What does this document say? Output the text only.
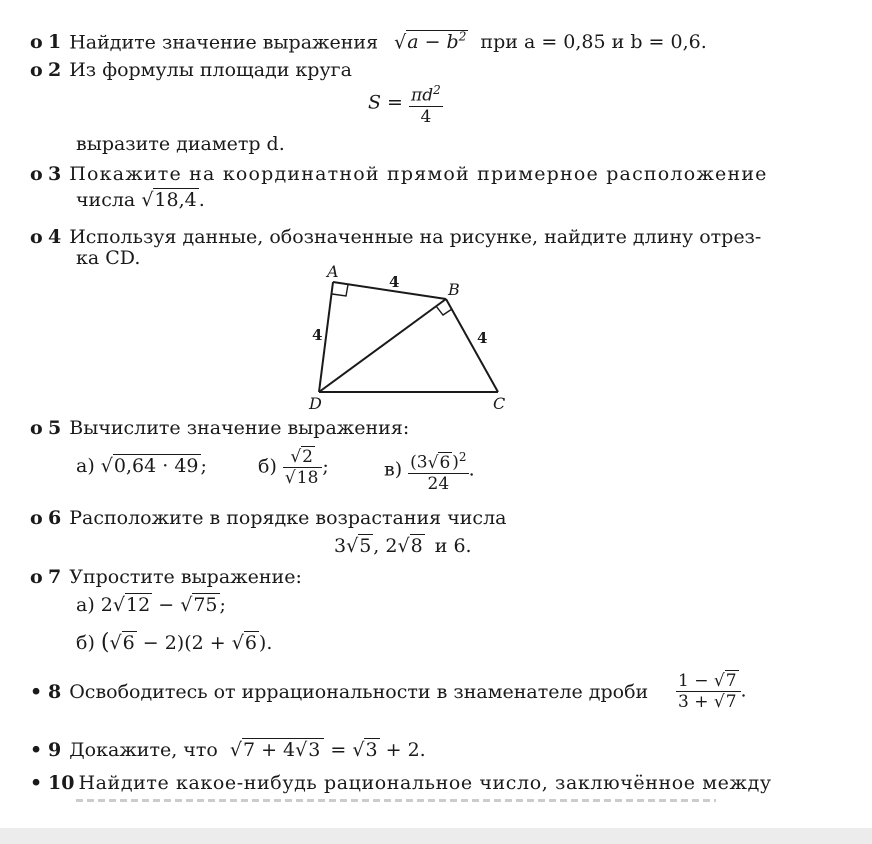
o 1 Найдите значение выражения $√a - b^2$ при a = 0,85 и b = 0,6.
o 2 Из формулы площади круга
$S = \frac{\pi d^2}{4}$
выразите диаметр d.
o 3 Покажите на координатной прямой примерное расположение
числа √18,4 .
o 4 Используя данные, обозначенные на рисунке, найдите длину отрез-
ка CD.
A
B
C
D
4
4	4
o 5 Вычислите значение выражения:
а) √0,64 · 49 ;	$б) \frac{√2}{√18}$ ;	$в) \frac{(3√6 )^2}{24}$ .
o 6 Расположите в порядке возрастания числа
3√5 , 2√8 и 6.
o 7 Упростите выражение:
а) 2√12 − √75 ;
б) (√6 − 2)(2 + √6 ).
• 8 Освободитесь от иррациональности в знаменателе дроби $\frac{1 - √7}{3 + √7}$ .
• 9 Докажите, что √7 + 4√3 = √3 + 2.
• 10 Найдите какое-нибудь рациональное число, заключённое между
